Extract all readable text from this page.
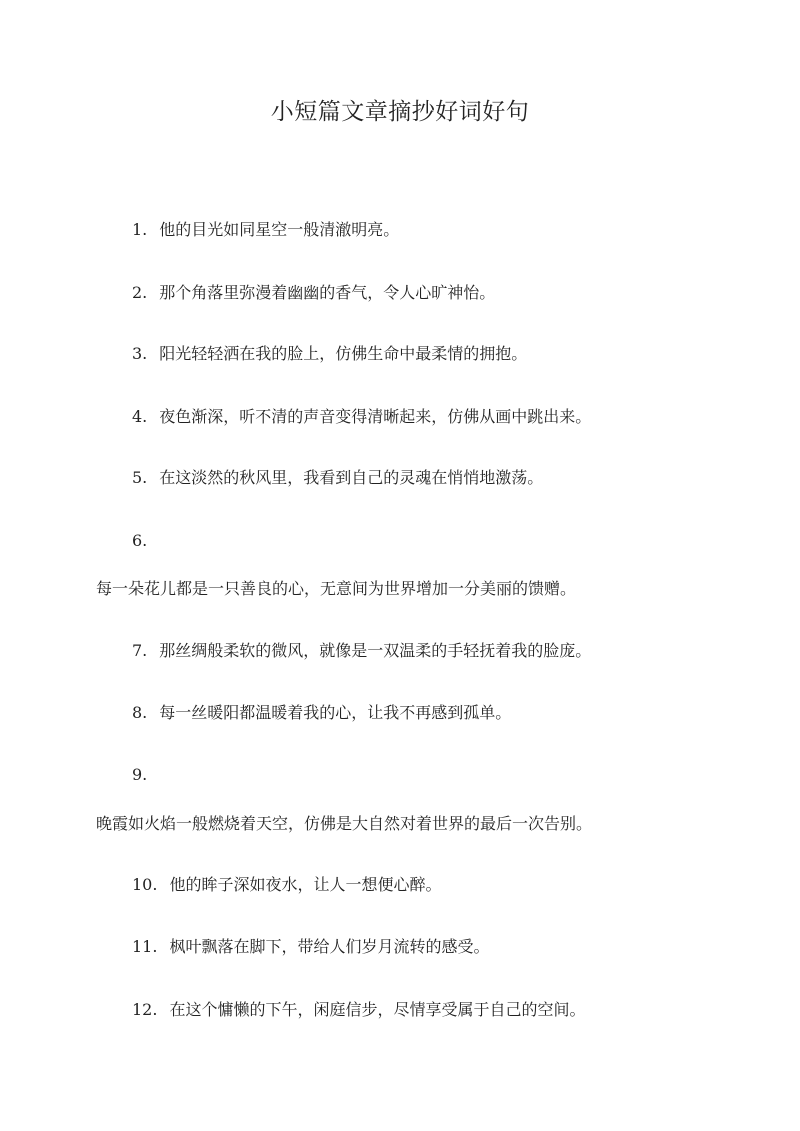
小短篇文章摘抄好词好句
1. 他的目光如同星空一般清澈明亮。
2. 那个角落里弥漫着幽幽的香气，令人心旷神怡。
3. 阳光轻轻洒在我的脸上，仿佛生命中最柔情的拥抱。
4. 夜色渐深，听不清的声音变得清晰起来，仿佛从画中跳出来。
5. 在这淡然的秋风里，我看到自己的灵魂在悄悄地激荡。
6.
每一朵花儿都是一只善良的心，无意间为世界增加一分美丽的馈赠。
7. 那丝绸般柔软的微风，就像是一双温柔的手轻抚着我的脸庞。
8. 每一丝暖阳都温暖着我的心，让我不再感到孤单。
9.
晚霞如火焰一般燃烧着天空，仿佛是大自然对着世界的最后一次告别。
10. 他的眸子深如夜水，让人一想便心醉。
11. 枫叶飘落在脚下，带给人们岁月流转的感受。
12. 在这个慵懒的下午，闲庭信步，尽情享受属于自己的空间。
